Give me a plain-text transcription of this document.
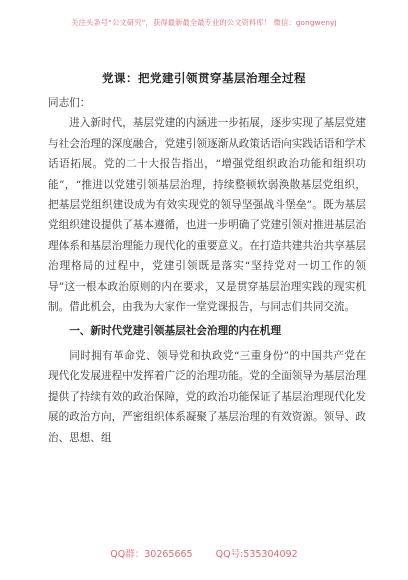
关注头条号“公文研究”，获得最新最全最专业的公文资料库！ 微信：gongwenyj
党课：把党建引领贯穿基层治理全过程

同志们：

进入新时代，基层党建的内涵进一步拓展，逐步实现了基层党建与社会治理的深度融合，党建引领逐渐从政策话语向实践话语和学术话语拓展。党的二十大报告指出，“增强党组织政治功能和组织功能”，“推进以党建引领基层治理，持续整顿软弱涣散基层党组织，把基层党组织建设成为有效实现党的领导坚强战斗堡垒”。既为基层党组织建设提供了基本遵循，也进一步明确了党建引领对推进基层治理体系和基层治理能力现代化的重要意义。在打造共建共治共享基层治理格局的过程中，党建引领既是落实“坚持党对一切工作的领导”这一根本政治原则的内在要求，又是贯穿基层治理实践的现实机制。借此机会，由我为大家作一堂党课报告，与同志们共同交流。

一、新时代党建引领基层社会治理的内在机理

同时拥有革命党、领导党和执政党“三重身份”的中国共产党在现代化发展进程中发挥着广泛的治理功能。党的全面领导为基层治理提供了持续有效的政治保障，党的政治功能保证了基层治理现代化发展的政治方向，严密组织体系凝聚了基层治理的有效资源。领导、政治、思想、组

QQ群：30265665 QQ号:535304092
